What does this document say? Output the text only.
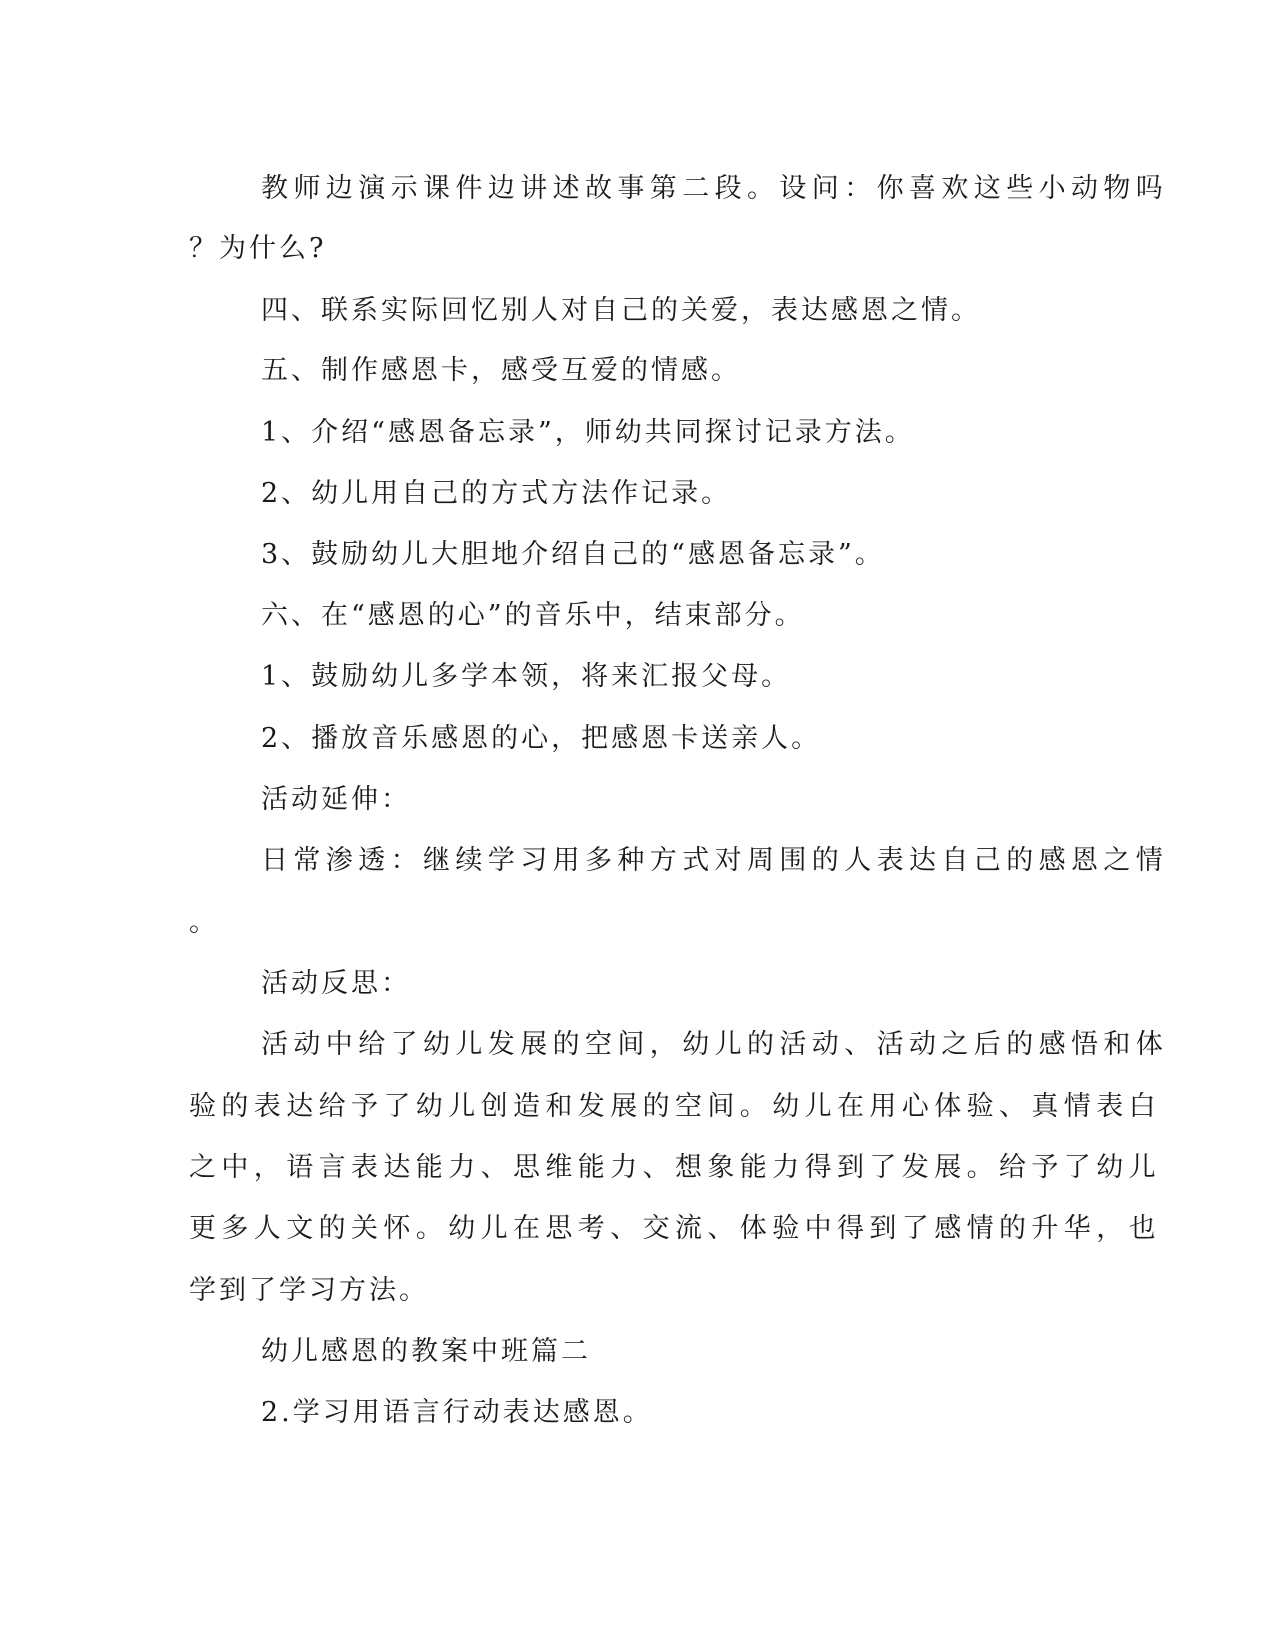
教师边演示课件边讲述故事第二段。设问：你喜欢这些小动物吗
？为什么?
四、联系实际回忆别人对自己的关爱，表达感恩之情。
五、制作感恩卡，感受互爱的情感。
1、介绍“感恩备忘录”，师幼共同探讨记录方法。
2、幼儿用自己的方式方法作记录。
3、鼓励幼儿大胆地介绍自己的“感恩备忘录”。
六、在“感恩的心”的音乐中，结束部分。
1、鼓励幼儿多学本领，将来汇报父母。
2、播放音乐感恩的心，把感恩卡送亲人。
活动延伸：
日常渗透：继续学习用多种方式对周围的人表达自己的感恩之情
。
活动反思：
活动中给了幼儿发展的空间，幼儿的活动、活动之后的感悟和体
验的表达给予了幼儿创造和发展的空间。幼儿在用心体验、真情表白
之中，语言表达能力、思维能力、想象能力得到了发展。给予了幼儿
更多人文的关怀。幼儿在思考、交流、体验中得到了感情的升华，也
学到了学习方法。
幼儿感恩的教案中班篇二
2.学习用语言行动表达感恩。
